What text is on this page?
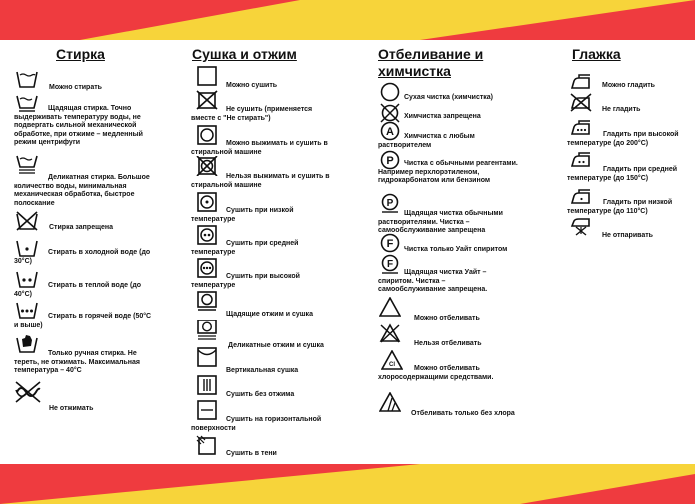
Стирка	Сушка и отжим	Отбеливание и химчистка
Глажка
Можно стирать
Щадящая стирка. Точно выдерживать температуру воды, не подвергать сильной механической обработке, при отжиме – медленный режим центрифуги
Деликатная стирка. Большое количество воды, минимальная механическая обработка, быстрое полоскание
Стирка запрещена
Стирать в холодной воде (до 30°C)
Стирать в теплой воде (до 40°C)
Стирать в горячей воде (50°C и выше)
Только ручная стирка. Не тереть, не отжимать. Максимальная температура – 40°C
Не отжимать
Можно сушить
Не сушить (применяется вместе с "Не стирать")
Можно выжимать и сушить в стиральной машине
Нельзя выжимать и сушить в стиральной машине
Сушить при низкой температуре
Сушить при средней температуре
Сушить при высокой температуре
Щадящие отжим и сушка
Деликатные отжим и сушка
Вертикальная сушка
Сушить без отжима
Сушить на горизонтальной поверхности
Сушить в тени
Сухая чистка (химчистка)
Химчистка запрещена
A	Химчистка с любым растворителем
P	Чистка с обычными реагентами. Например перхлорэтиленом, гидрокарбонатом или бензином
P
Щадящая чистка обычными растворителями. Чистка – самообслуживание запрещена
F Чистка только Уайт спиритом
F
Щадящая чистка Уайт – спиритом. Чистка – самообслуживание запрещена.
Можно отбеливать
Нельзя отбеливать
Cl	Можно отбеливать хлоросодержащими средствами.
Отбеливать только без хлора
Можно гладить
Не гладить
Гладить при высокой температуре (до 200°C)
Гладить при средней температуре (до 150°C)
Гладить при низкой температуре (до 110°C)
Не отпаривать
